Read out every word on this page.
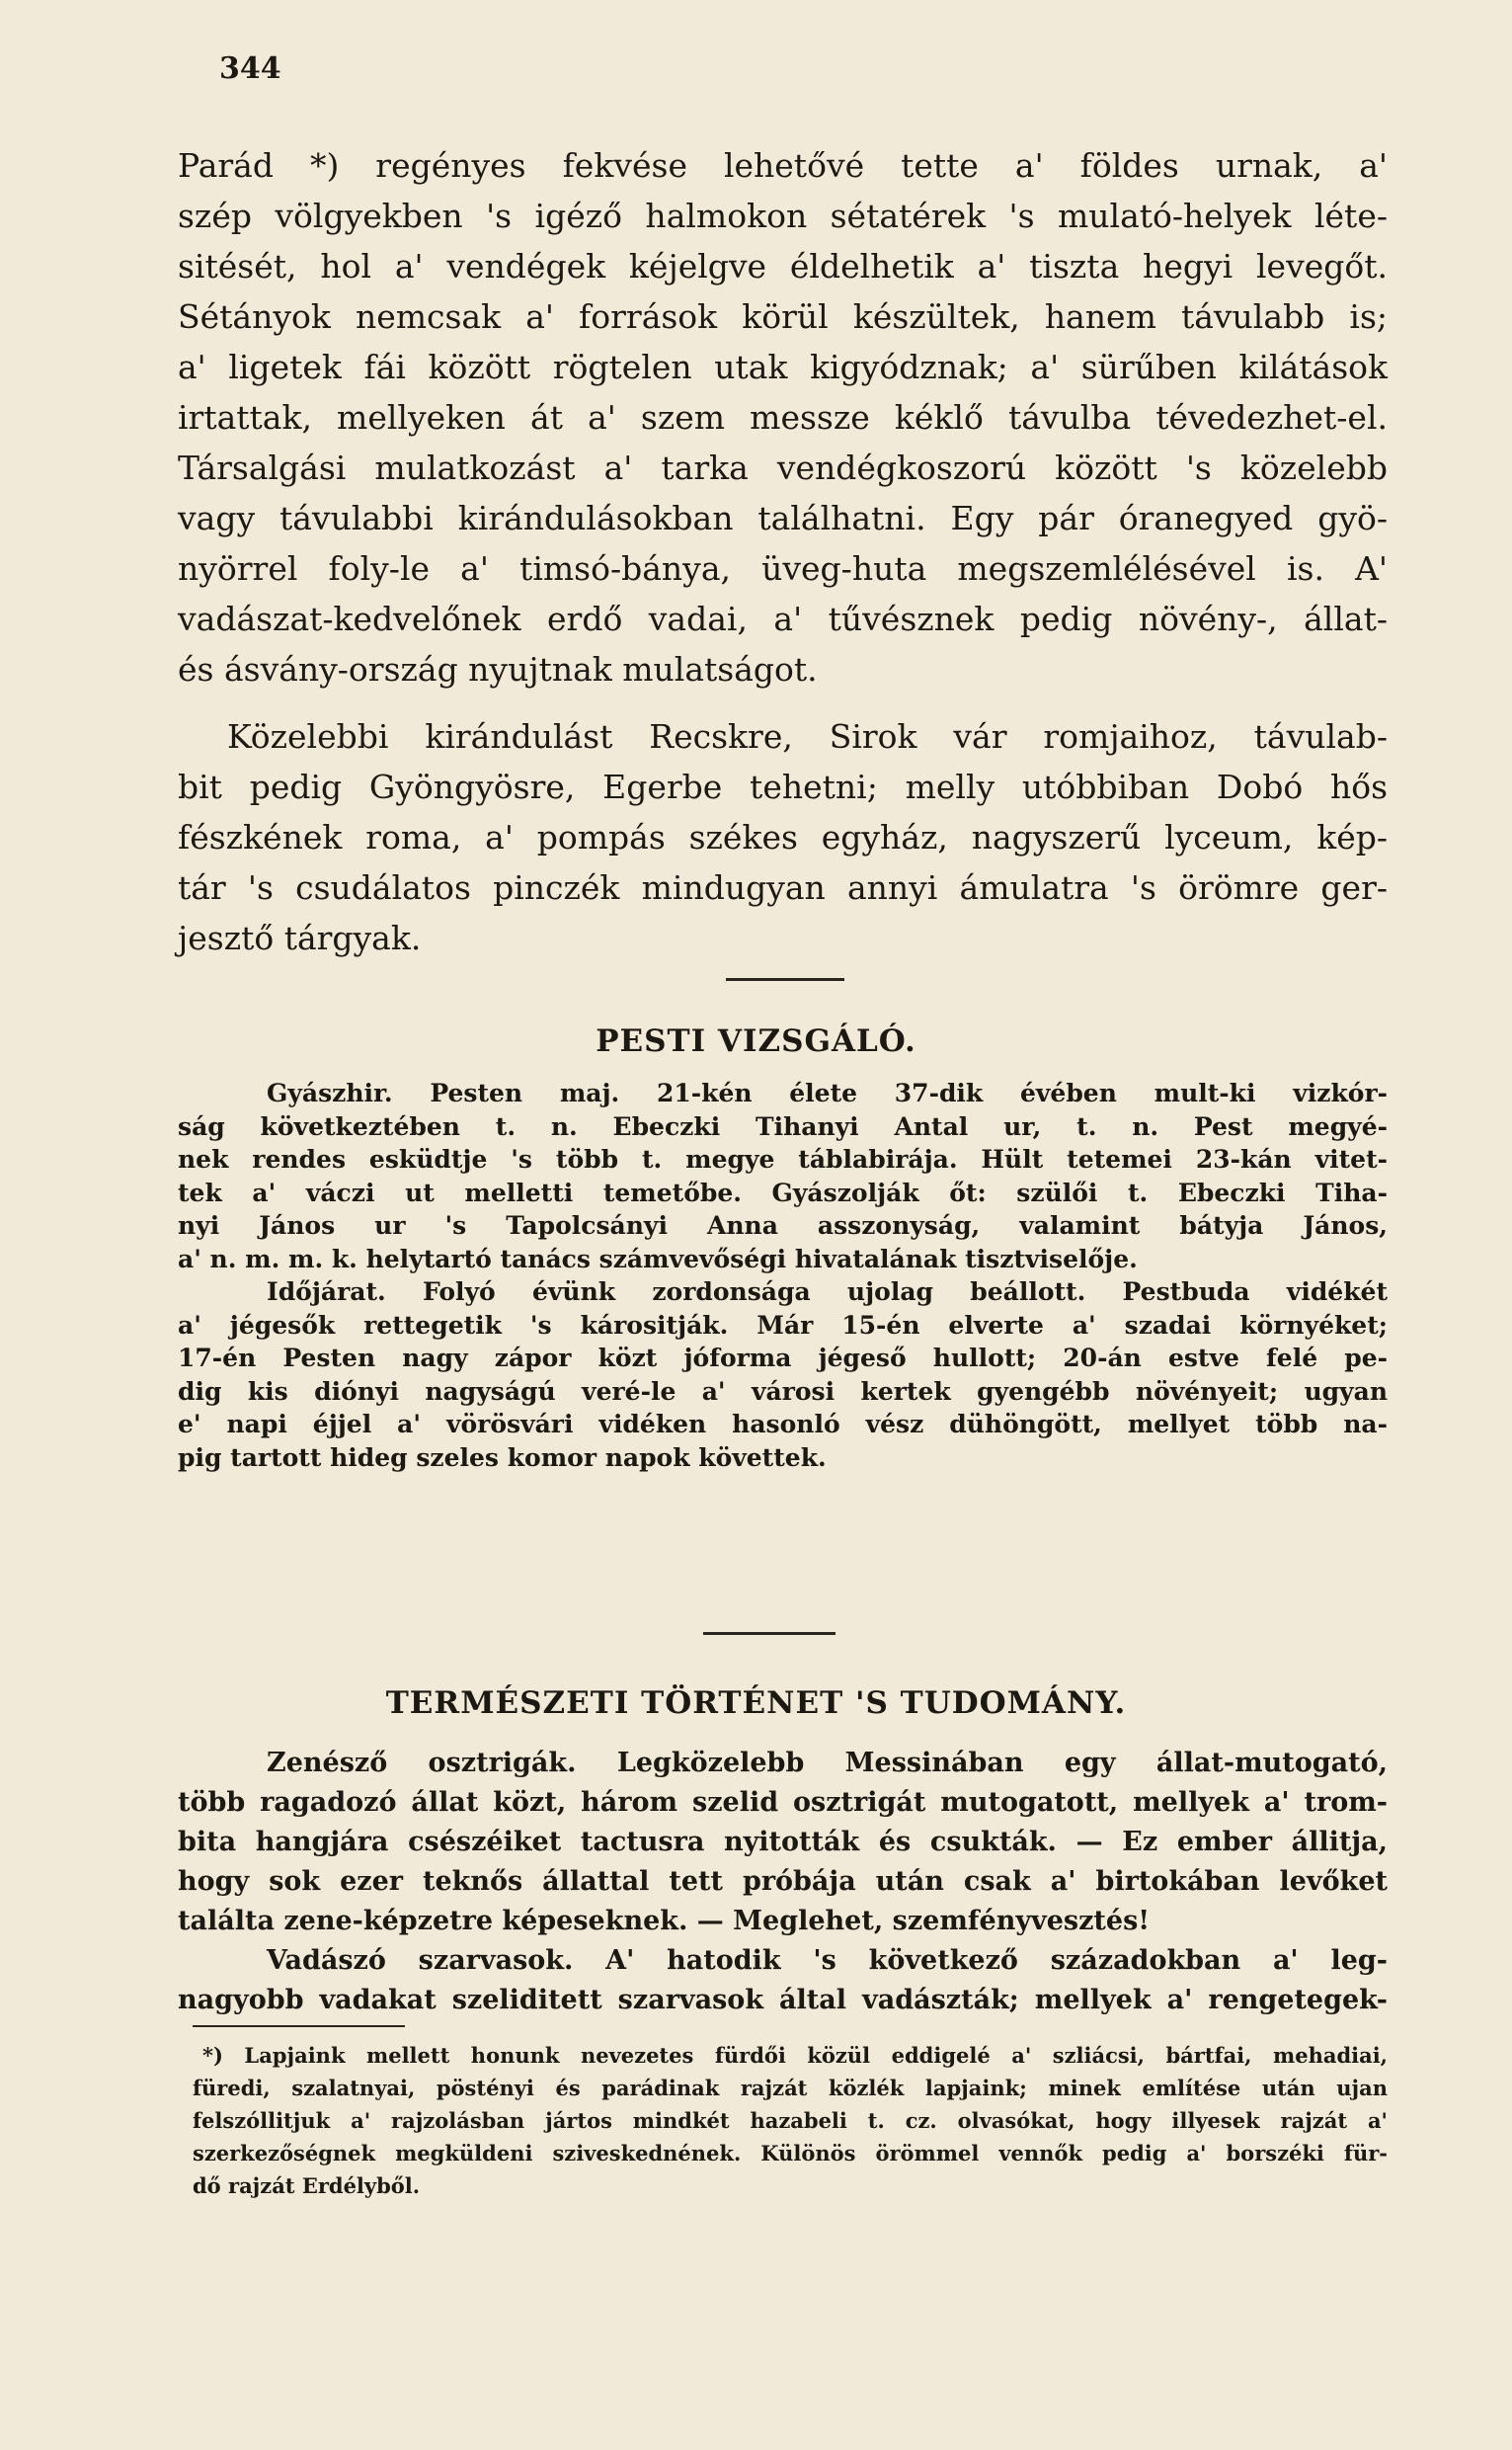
344

Parád *) regényes fekvése lehetővé tette a' földes urnak, a'
szép völgyekben 's igéző halmokon sétatérek 's mulató-helyek léte-
sitését, hol a' vendégek kéjelgve éldelhetik a' tiszta hegyi levegőt.
Sétányok nemcsak a' források körül készültek, hanem távulabb is;
a' ligetek fái között rögtelen utak kigyódznak; a' sürűben kilátások
irtattak, mellyeken át a' szem messze kéklő távulba tévedezhet-el.
Társalgási mulatkozást a' tarka vendégkoszorú között 's közelebb
vagy távulabbi kirándulásokban találhatni. Egy pár óranegyed gyö-
nyörrel foly-le a' timsó-bánya, üveg-huta megszemlélésével is. A'
vadászat-kedvelőnek erdő vadai, a' tűvésznek pedig növény-, állat-
és ásvány-ország nyujtnak mulatságot.
Közelebbi kirándulást Recskre, Sirok vár romjaihoz, távulab-
bit pedig Gyöngyösre, Egerbe tehetni; melly utóbbiban Dobó hős
fészkének roma, a' pompás székes egyház, nagyszerű lyceum, kép-
tár 's csudálatos pinczék mindugyan annyi ámulatra 's örömre ger-
jesztő tárgyak.
PESTI VIZSGÁLÓ.
Gyászhir. Pesten maj. 21-kén élete 37-dik évében mult-ki vizkór-
ság következtében t. n. Ebeczki Tihanyi Antal ur, t. n. Pest megyé-
nek rendes esküdtje 's több t. megye táblabirája. Hült tetemei 23-kán vitet-
tek a' váczi ut melletti temetőbe. Gyászolják őt: szülői t. Ebeczki Tiha-
nyi János ur 's Tapolcsányi Anna asszonyság, valamint bátyja János,
a' n. m. m. k. helytartó tanács számvevőségi hivatalának tisztviselője.
Időjárat. Folyó évünk zordonsága ujolag beállott. Pestbuda vidékét
a' jégesők rettegetik 's kárositják. Már 15-én elverte a' szadai környéket;
17-én Pesten nagy zápor közt jóforma jégeső hullott; 20-án estve felé pe-
dig kis diónyi nagyságú veré-le a' városi kertek gyengébb növényeit; ugyan
e' napi éjjel a' vörösvári vidéken hasonló vész dühöngött, mellyet több na-
pig tartott hideg szeles komor napok követtek.
TERMÉSZETI TÖRTÉNET 'S TUDOMÁNY.
Zenésző osztrigák. Legközelebb Messinában egy állat-mutogató,
több ragadozó állat közt, három szelid osztrigát mutogatott, mellyek a' trom-
bita hangjára csészéiket tactusra nyitották és csukták. — Ez ember állitja,
hogy sok ezer teknős állattal tett próbája után csak a' birtokában levőket
találta zene-képzetre képeseknek. — Meglehet, szemfényvesztés!
Vadászó szarvasok. A' hatodik 's következő századokban a' leg-
nagyobb vadakat szeliditett szarvasok által vadászták; mellyek a' rengetegek-
*) Lapjaink mellett honunk nevezetes fürdői közül eddigelé a' szliácsi, bártfai, mehadiai,
füredi, szalatnyai, pöstényi és parádinak rajzát közlék lapjaink; minek említése után ujan
felszóllitjuk a' rajzolásban jártos mindkét hazabeli t. cz. olvasókat, hogy illyesek rajzát a'
szerkezőségnek megküldeni sziveskednének. Különös örömmel vennők pedig a' borszéki für-
dő rajzát Erdélyből.
